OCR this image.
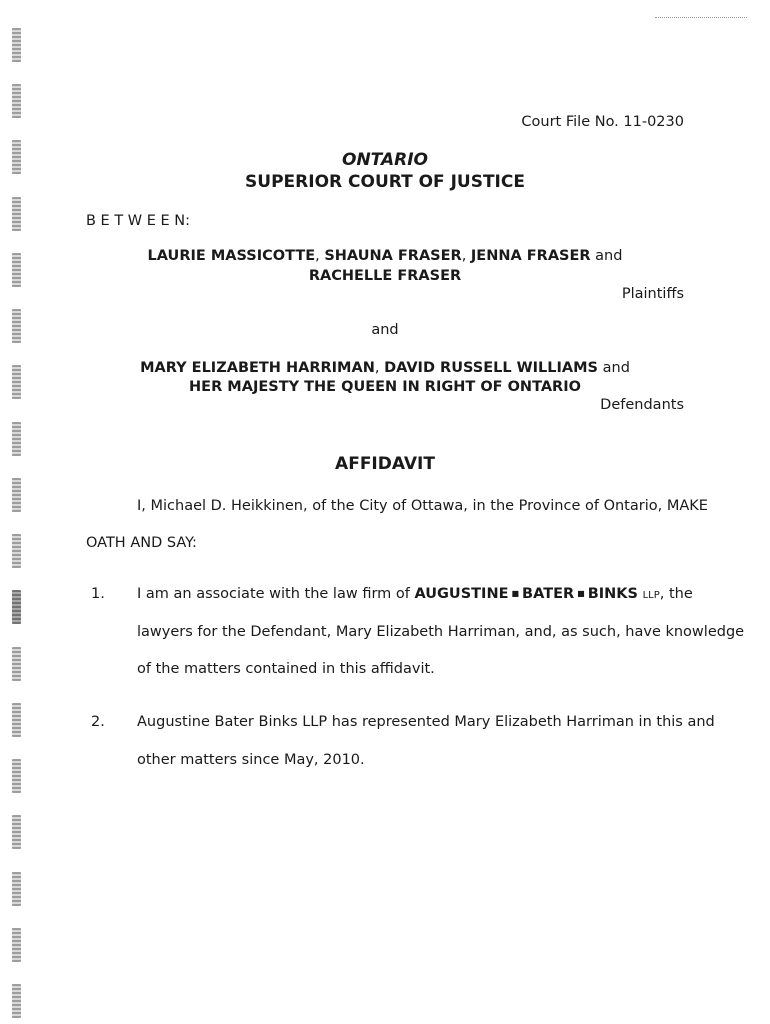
Court File No. 11-0230
ONTARIO
SUPERIOR COURT OF JUSTICE
B E T W E E N:
LAURIE MASSICOTTE, SHAUNA FRASER, JENNA FRASER and
RACHELLE FRASER
Plaintiffs
and
MARY ELIZABETH HARRIMAN, DAVID RUSSELL WILLIAMS and
HER MAJESTY THE QUEEN IN RIGHT OF ONTARIO
Defendants
AFFIDAVIT
I, Michael D. Heikkinen, of the City of Ottawa, in the Province of Ontario, MAKE
OATH AND SAY:
1. I am an associate with the law firm of AUGUSTINE ■ BATER ■ BINKS LLP, the
lawyers for the Defendant, Mary Elizabeth Harriman, and, as such, have knowledge
of the matters contained in this affidavit.
2. Augustine Bater Binks LLP has represented Mary Elizabeth Harriman in this and
other matters since May, 2010.
